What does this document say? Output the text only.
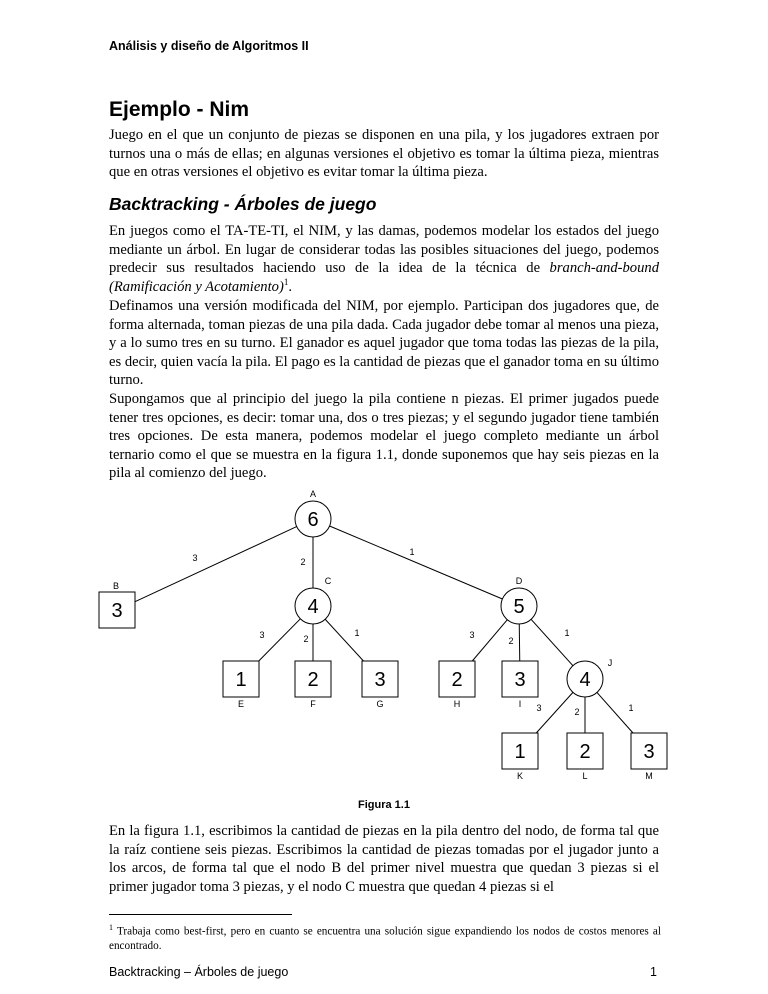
Análisis y diseño de Algoritmos II
Ejemplo - Nim

Juego en el que un conjunto de piezas se disponen en una pila, y los jugadores extraen por turnos una o más de ellas; en algunas versiones el objetivo es tomar la última pieza, mientras que en otras versiones el objetivo es evitar tomar la última pieza.

Backtracking - Árboles de juego

En juegos como el TA-TE-TI, el NIM, y las damas, podemos modelar los estados del juego mediante un árbol. En lugar de considerar todas las posibles situaciones del juego, podemos predecir sus resultados haciendo uso de la idea de la técnica de branch-and-bound (Ramificación y Acotamiento)$^1$.

Definamos una versión modificada del NIM, por ejemplo. Participan dos jugadores que, de forma alternada, toman piezas de una pila dada. Cada jugador debe tomar al menos una pieza, y a lo sumo tres en su turno. El ganador es aquel jugador que toma todas las piezas de la pila, es decir, quien vacía la pila. El pago es la cantidad de piezas que el ganador toma en su último turno.

Supongamos que al principio del juego la pila contiene n piezas. El primer jugados puede tener tres opciones, es decir: tomar una, dos o tres piezas; y el segundo jugador tiene también tres opciones. De esta manera, podemos modelar el juego completo mediante un árbol ternario como el que se muestra en la figura 1.1, donde suponemos que hay seis piezas en la pila al comienzo del juego.

3	2
1
3	2
1	3
2
1
3	2	1
6
A
3
B
4
C
5
D
1
E
2
F
3
G
2
H
3
I
4
J
1
K
2
L
3
M
Figura 1.1

En la figura 1.1, escribimos la cantidad de piezas en la pila dentro del nodo, de forma tal que la raíz contiene seis piezas. Escribimos la cantidad de piezas tomadas por el jugador junto a los arcos, de forma tal que el nodo B del primer nivel muestra que quedan 3 piezas si el primer jugador toma 3 piezas, y el nodo C muestra que quedan 4 piezas si el

$^1$ Trabaja como best-first, pero en cuanto se encuentra una solución sigue expandiendo los nodos de costos menores al encontrado.
Backtracking – Árboles de juego	1
